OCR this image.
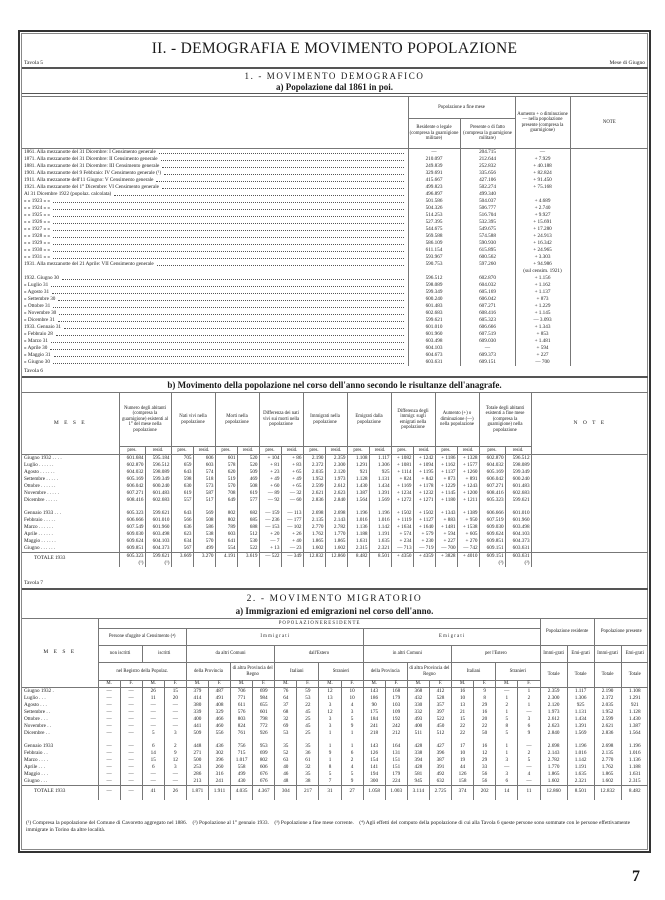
II. - DEMOGRAFIA E MOVIMENTO POPOLAZIONE
Tavola 5	Mese di Giugno
1. - MOVIMENTO DEMOGRAFICO
a) Popolazione dal 1861 in poi.
	Popolazione a fine mese		Aumento + o diminuzione — nella popolazione presente (compresa la guarnigione)	NOTE
	Residente o legale (compresa la guarnigione militare)	Presente o di fatto (compresa la guarnigione militare)		

1861. Alla mezzanotte del 31 Dicembre: I Censimento generale	—	204.715	—	

1871. Alla mezzanotte del 31 Dicembre: II Censimento generale	210.097	212.644	+ 7.929	

1881. Alla mezzanotte del 31 Dicembre: III Censimento generale	249.839	252.832	+ 40.188	

1901. Alla mezzanotte del 9 Febbraio: IV Censimento generale (¹)	329.691	335.656	+ 82.824	

1911. Alla mezzanotte dell'11 Giugno: V Censimento generale	415.667	427.106	+ 91.450	

1921. Alla mezzanotte del 1° Dicembre: VI Censimento generale	499.823	502.274	+ 75.168	

Al 31 Dicembre 1922 (popolaz. calcolata)	496.897	499.340		

» » 1923 » »	501.586	504.037	+ 4.689	

» » 1924 » »	504.326	506.777	+ 2.740	

» » 1925 » »	514.253	516.704	+ 9.927	

» » 1926 » »	527.395	532.395	+ 15.691	

» » 1927 » »	544.675	549.675	+ 17.280	

» » 1928 » »	569.588	574.588	+ 24.913	

» » 1929 » »	586.109	590.930	+ 16.342	

» » 1930 » »	611.154	615.895	+ 24.965	

» » 1931 » »	593.967	600.562	+ 3.303	

1931. Alla mezzanotte del 21 Aprile: VII Censimento generale	590.753	597.260	+ 94.986	

			(sul censim. 1921)	

1932. Giugno 30	596.512	602.870	+ 1.156	

» Luglio 31	598.089	604.032	+ 1.162	

» Agosto 31	599.349	605.169	+ 1.137	

» Settembre 30	600.240	606.042	+ 873	

» Ottobre 31	601.483	607.271	+ 1.229	

» Novembre 30	602.683	608.416	+ 1.145	

» Dicembre 31	599.621	605.323	— 3.093	

1933. Gennaio 31	601.010	606.666	+ 1.343	

» Febbraio 28	601.960	607.519	+ 853	

» Marzo 31	603.498	609.030	+ 1.481	

» Aprile 30	604.103	—	+ 594	

» Maggio 31	604.673	609.373	+ 227	

» Giugno 30	603.631	609.151	— 700	
Tavola 6
b) Movimento della popolazione nel corso dell'anno secondo le risultanze dell'anagrafe.
M E S E	Numero degli abitanti (compresa la guarnigione) esistenti al 1° del mese nella popolazione		Nati vivi nella popolazione		Morti nella popolazione		Differenza dei nati vivi sui morti nella popolazione		Immigrati nella popolazione		Emigrati dalla popolazione		Differenza degli immigr. sugli emigrati nella popolazione		Aumento (+) o diminuzione (—) nella popolazione		Totale degli abitanti esistenti a fine mese (compresa la guarnigione) nella popolazione		N O T E
	pres.	resid.	pres.	resid.	pres.	resid.	pres.	resid.	pres.	resid.	pres.	resid.	pres.	resid.	pres.	resid.	pres.	resid.	
Giugno 1932 . . . .	601.684	595.184	705	606	601	520	+ 104	+ 86	2.190	2.359	1.108	1.117	+ 1082	+ 1242	+ 1186	+ 1328	602.870	596.512	
Luglio . . . . . .	602.870	596.512	659	603	578	520	+ 81	+ 83	2.372	2.300	1.291	1.306	+ 1081	+ 1094	+ 1162	+ 1577	604.032	598.089	
Agosto . . . . . .	604.032	598.089	643	574	620	509	+ 23	+ 65	2.035	2.120	921	925	+ 1114	+ 1195	+ 1137	+ 1260	605.169	599.349	
Settembre . . . . .	605.169	599.349	598	518	519	469	+ 49	+ 49	1.952	1.973	1.128	1.131	+ 824	+ 842	+ 873	+ 891	606.042	600.240	
Ottobre . . . . . .	606.042	600.240	630	573	570	508	+ 60	+ 65	2.599	2.612	1.430	1.434	+ 1169	+ 1178	+ 1229	+ 1243	607.271	601.483	
Novembre . . . . .	607.271	601.483	619	587	708	619	— 89	— 32	2.621	2.623	1.387	1.391	+ 1234	+ 1232	+ 1145	+ 1200	608.416	602.683	
Dicembre . . . . .	608.416	602.683	557	517	649	577	— 92	— 60	2.836	2.840	1.564	1.569	+ 1272	+ 1271	+ 1180	+ 1211	605.323	599.621	

Gennaio 1933 . . .	605.323	599.621	643	569	802	682	— 159	— 113	2.698	2.698	1.196	1.196	+ 1502	+ 1502	+ 1343	+ 1389	606.666	601.010	
Febbraio . . . . .	606.666	601.010	566	508	802	685	— 236	— 177	2.135	2.143	1.016	1.016	+ 1119	+ 1127	+ 883	+ 950	607.519	601.960	
Marzo . . . . . .	607.549	601.960	636	586	789	688	— 153	— 102	2.770	2.782	1.136	1.142	+ 1634	+ 1640	+ 1481	+ 1538	609.030	603.498	
Aprile . . . . . .	609.030	603.498	623	538	603	512	+ 20	+ 26	1.762	1.770	1.188	1.191	+ 574	+ 579	+ 594	+ 605	609.624	604.103	
Maggio . . . . . .	609.624	604.103	634	570	641	530	— 7	+ 40	1.865	1.865	1.631	1.635	+ 234	+ 230	+ 227	+ 270	609.851	604.373	
Giugno . . . . . .	609.851	604.373	567	499	554	522	+ 13	— 23	1.602	1.602	2.315	2.321	— 713	— 719	— 700	— 742	609.151	603.631	
TOTALE 1933	605.323 (¹)	599.621 (¹)	3.669	3.270	4.191	3.619	— 522	— 349	12.832	12.860	8.482	8.501	+ 4350	+ 4359	+ 3828	+ 4010	609.151 (²)	603.631 (²)	
Tavola 7
2. - MOVIMENTO MIGRATORIO
a) Immigrazioni ed emigrazioni nel corso dell'anno.
M E S E	P O P O L A Z I O N E R E S I D E N T E																				Popolazione residente		Popolazione presente	
	Persone sfuggite al Censimento (⁴)				I m m i g r a t i								E m i g r a t i											
	non iscritti		iscritti		da altri Comuni				dall'Estero				in altri Comuni				per l'Estero				Immi-grati	Emi-grati	Immi-grati	Emi-grati
	nel Registro della Popolaz.				della Provincia		di altra Provincia del Regno		Italiani		Stranieri		della Provincia		di altra Provincia del Regno		Italiani		Stranieri		Totale	Totale	Totale	Totale
	M.	F.	M.	F.	M.	F.	M.	F.	M.	F.	M.	F.	M.	F.	M.	F.	M.	F.	M.	F.				
Giugno 1932 .	—	—	26	15	379	487	706	699	76	59	12	10	143	168	368	412	16	9	—	1	2.359	1.117	2.190	1.108
Luglio . . .	—	—	11	20	414	491	771	984	64	53	13	10	186	179	432	528	10	8	1	2	2.300	1.306	2.372	1.291
Agosto . . .	—	—	—	—	380	408	611	655	37	22	3	4	90	103	330	357	13	29	2	1	2.120	925	2.035	921
Settembre . .	—	—	—	—	339	329	576	601	68	45	12	3	175	109	332	397	21	16	1	—	1.973	1.131	1.952	1.128
Ottobre . . .	—	—	—	—	400	466	803	798	32	25	3	5	184	192	493	522	15	20	5	3	2.612	1.434	2.599	1.430
Novembre . .	—	—	—	—	441	460	824	772	69	45	3	9	241	242	400	450	22	22	8	6	2.623	1.391	2.621	1.387
Dicembre . .	—	—	5	3	509	556	761	926	53	25	1	1	218	212	511	512	22	50	5	9	2.840	1.569	2.836	1.564

Gennaio 1933	—	—	6	2	448	436	756	953	35	35	1	1	143	164	428	427	17	16	1	—	2.698	1.196	2.698	1.196
Febbraio . .	—	—	14	9	271	302	715	699	52	36	9	6	126	131	338	396	10	12	1	2	2.143	1.016	2.135	1.016
Marzo . . . .	—	—	15	12	500	396	1.017	802	63	61	1	2	154	151	394	387	19	29	3	5	2.782	1.142	2.770	1.136
Aprile . . .	—	—	6	3	253	260	558	606	40	32	8	4	141	151	428	391	44	33	—	—	1.770	1.191	1.762	1.188
Maggio . . .	—	—	—	—	286	316	499	676	46	35	5	5	194	179	581	492	126	56	3	4	1.865	1.635	1.865	1.631
Giugno . . .	—	—	—	—	213	241	430	676	48	38	7	9	300	224	945	632	158	56	6	—	1.602	2.321	1.602	2.315
TOTALE 1933	—	—	41	26	1.871	1.911	4.035	4.367	304	217	31	27	1.058	1.003	3.114	2.725	374	202	14	11	12.860	8.501	12.832	8.482
(¹) Compresa la popolazione del Comune di Cavoretto aggregato nel 1886. (²) Popolazione al 1° gennaio 1933. (³) Popolazione a fine mese corrente. (⁴) Agli effetti del computo della popolazione di cui alla Tavola 6 queste persone sono sommate con le persone effettivamente immigrate in Torino da altre località.
7
